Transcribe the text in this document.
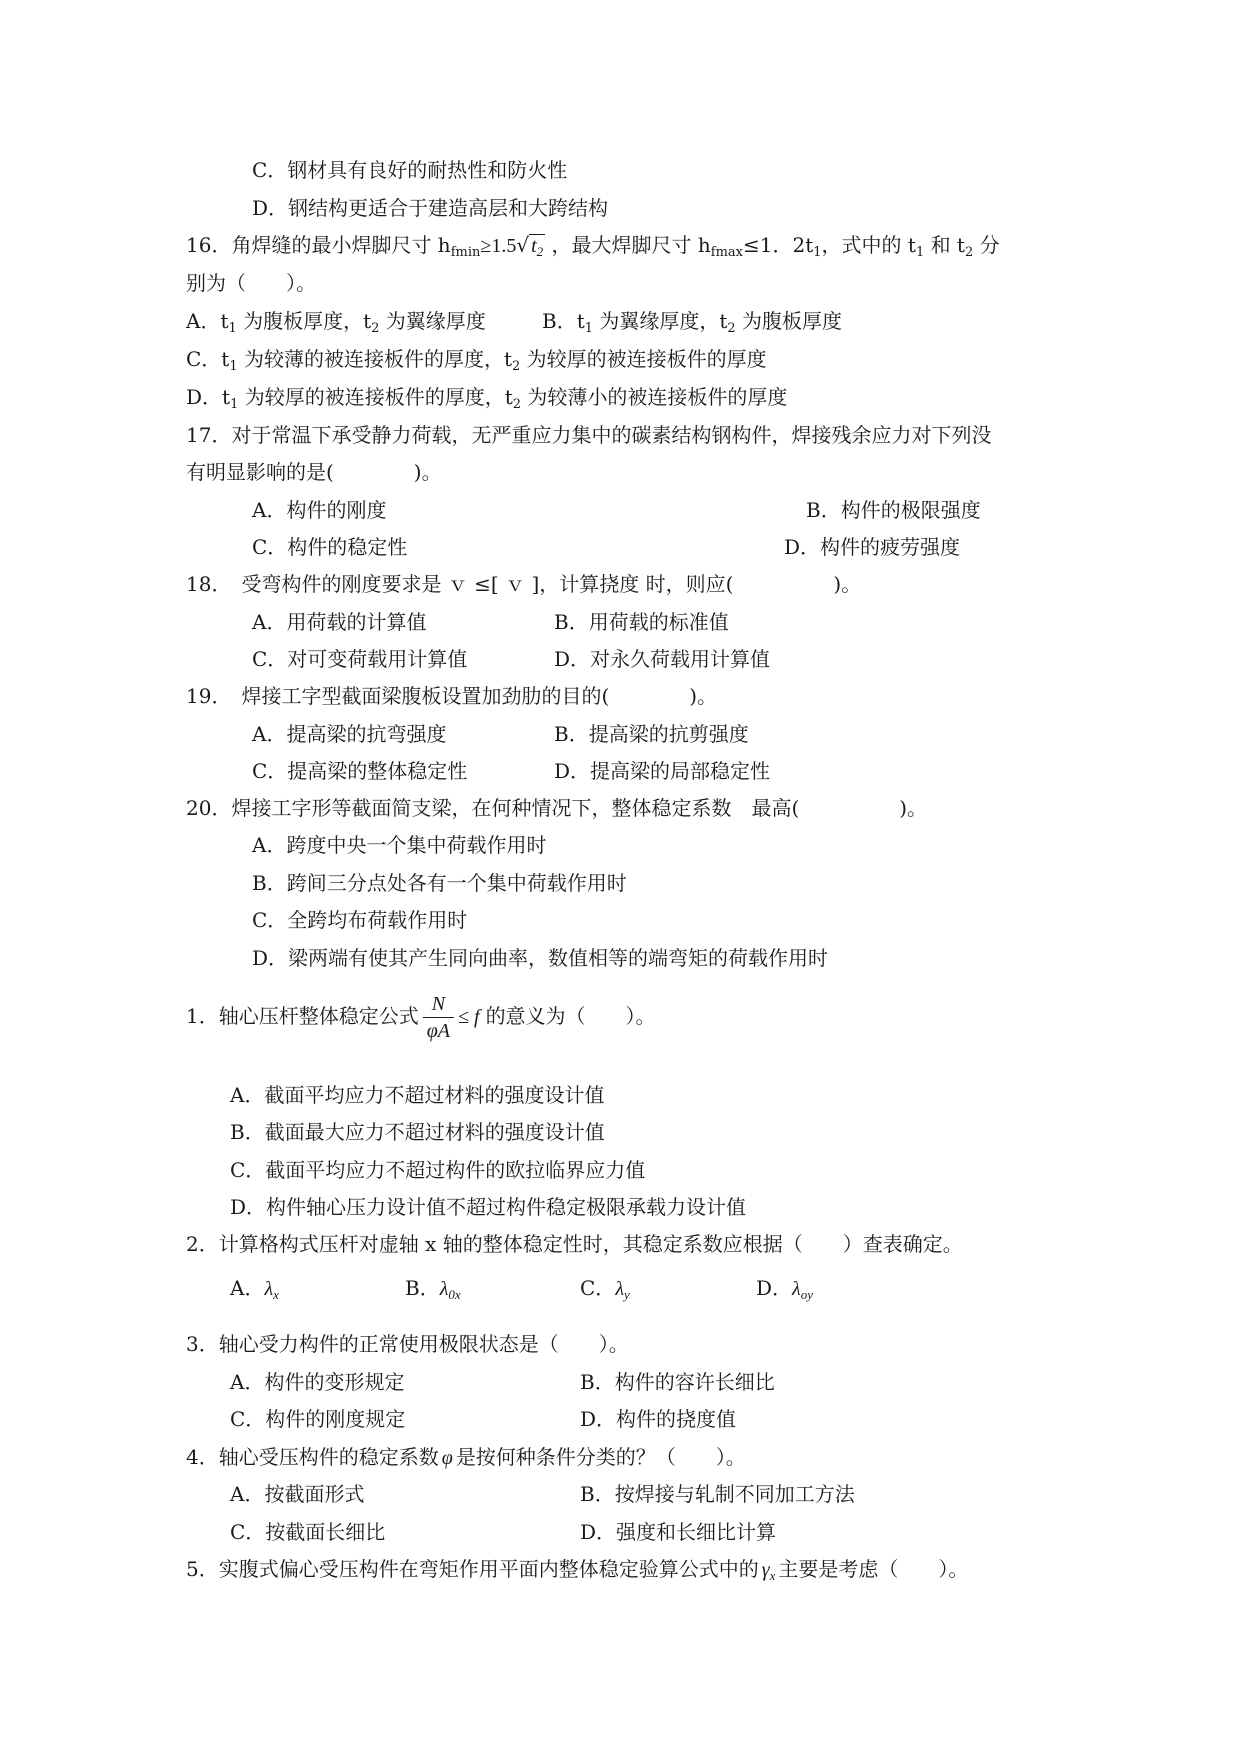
C．钢材具有良好的耐热性和防火性
D．钢结构更适合于建造高层和大跨结构
16．角焊缝的最小焊脚尺寸 $h_{fmin}\ge 1.5√$ $t_2$ ，最大焊脚尺寸 $h_{fmax}\le 1$．$2t_1$，式中的 $t_1$ 和 $t_2$ 分
别为（　　）。
A．$t_1$ 为腹板厚度，$t_2$ 为翼缘厚度	B．$t_1$ 为翼缘厚度，$t_2$ 为腹板厚度
C．$t_1$ 为较薄的被连接板件的厚度，$t_2$ 为较厚的被连接板件的厚度
D．$t_1$ 为较厚的被连接板件的厚度，$t_2$ 为较薄小的被连接板件的厚度
17．对于常温下承受静力荷载，无严重应力集中的碳素结构钢构件，焊接残余应力对下列没
有明显影响的是(　　　　)。
A．构件的刚度	B．构件的极限强度
C．构件的稳定性	D．构件的疲劳强度
18．　受弯构件的刚度要求是 ｖ ≤[ ｖ ]，计算挠度 时，则应(　　　　　)。
A．用荷载的计算值	B．用荷载的标准值
C．对可变荷载用计算值	D．对永久荷载用计算值
19．　焊接工字型截面梁腹板设置加劲肋的目的(　　　　)。
A．提高梁的抗弯强度	B．提高梁的抗剪强度
C．提高梁的整体稳定性	D．提高梁的局部稳定性
20．焊接工字形等截面简支梁，在何种情况下，整体稳定系数　最高(　　　　　)。
A．跨度中央一个集中荷载作用时
B．跨间三分点处各有一个集中荷载作用时
C．全跨均布荷载作用时
D．梁两端有使其产生同向曲率，数值相等的端弯矩的荷载作用时
1．轴心压杆整体稳定公式 $\frac{N}{\varphi A} \le f$ 的意义为（　　）。
A．截面平均应力不超过材料的强度设计值
B．截面最大应力不超过材料的强度设计值
C．截面平均应力不超过构件的欧拉临界应力值
D．构件轴心压力设计值不超过构件稳定极限承载力设计值
2．计算格构式压杆对虚轴 x 轴的整体稳定性时，其稳定系数应根据（　　）查表确定。
A．$\lambda_x$	B．$\lambda_{0x}$	C．$\lambda_y$	D．$\lambda_{oy}$
3．轴心受力构件的正常使用极限状态是（　　）。
A．构件的变形规定	B．构件的容许长细比
C．构件的刚度规定	D．构件的挠度值
4．轴心受压构件的稳定系数 φ 是按何种条件分类的？（　　）。
A．按截面形式	B．按焊接与轧制不同加工方法
C．按截面长细比	D．强度和长细比计算
5．实腹式偏心受压构件在弯矩作用平面内整体稳定验算公式中的 $\gamma_x$ 主要是考虑（　　）。
